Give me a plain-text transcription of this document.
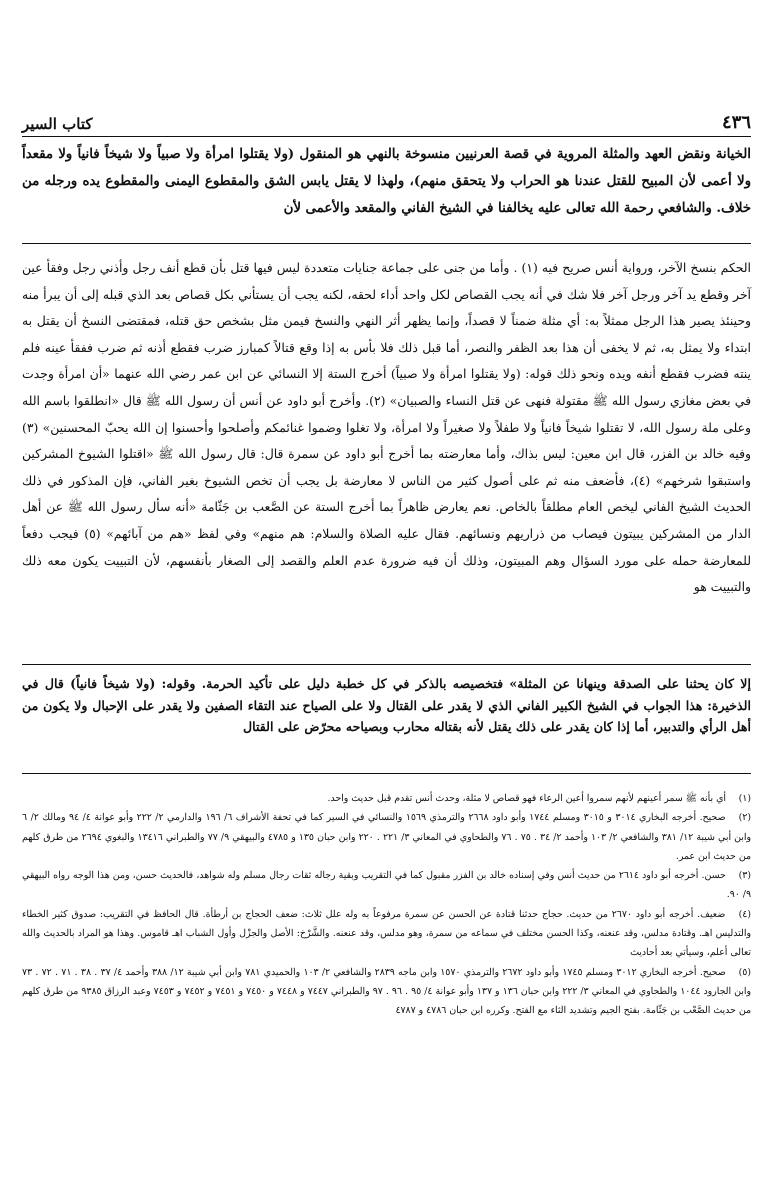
٤٣٦
كتاب السير

الخيانة ونقض العهد والمثلة المروية في قصة العرنيين منسوخة بالنهي هو المنقول (ولا يقتلوا امرأة ولا صبياً ولا شيخاً فانياً ولا مقعداً ولا أعمى لأن المبيح للقتل عندنا هو الحراب ولا يتحقق منهم)، ولهذا لا يقتل يابس الشق والمقطوع اليمنى والمقطوع يده ورجله من خلاف. والشافعي رحمة الله تعالى عليه يخالفنا في الشيخ الفاني والمقعد والأعمى لأن

الحكم بنسخ الآخر، ورواية أنس صريح فيه (١) . وأما من جنى على جماعة جنايات متعددة ليس فيها قتل بأن قطع أنف رجل وأذني رجل وفقأ عين آخر وقطع يد آخر ورجل آخر فلا شك في أنه يجب القصاص لكل واحد أداء لحقه، لكنه يجب أن يستأني بكل قصاص بعد الذي قبله إلى أن يبرأ منه وحينئذ يصير هذا الرجل ممثلاً به: أي مثلة ضمناً لا قصداً، وإنما يظهر أثر النهي والنسخ فيمن مثل بشخص حق قتله، فمقتضى النسخ أن يقتل به ابتداء ولا يمثل به، ثم لا يخفى أن هذا بعد الظفر والنصر، أما قبل ذلك فلا بأس به إذا وقع قتالاً كمبارز ضرب فقطع أذنه ثم ضرب ففقأ عينه فلم ينته فضرب فقطع أنفه ويده ونحو ذلك قوله: (ولا يقتلوا امرأة ولا صبياً) أخرج الستة إلا النسائي عن ابن عمر رضي الله عنهما «أن امرأة وجدت في بعض مغازي رسول الله ﷺ مقتولة فنهى عن قتل النساء والصبيان» (٢). وأخرج أبو داود عن أنس أن رسول الله ﷺ قال «انطلقوا باسم الله وعلى ملة رسول الله، لا تقتلوا شيخاً فانياً ولا طفلاً ولا صغيراً ولا امرأة، ولا تغلوا وضموا غنائمكم وأصلحوا وأحسنوا إن الله يحبّ المحسنين» (٣) وفيه خالد بن الفزر، قال ابن معين: ليس بذاك، وأما معارضته بما أخرج أبو داود عن سمرة قال: قال رسول الله ﷺ «اقتلوا الشيوخ المشركين واستبقوا شرخهم» (٤)، فأضعف منه ثم على أصول كثير من الناس لا معارضة بل يجب أن تخص الشيوخ بغير الفاني، فإن المذكور في ذلك الحديث الشيخ الفاني ليخص العام مطلقاً بالخاص. نعم يعارض ظاهراً بما أخرج الستة عن الصَّعب بن جَثّامة «أنه سأل رسول الله ﷺ عن أهل الدار من المشركين يبيتون فيصاب من ذراريهم ونسائهم. فقال عليه الصلاة والسلام: هم منهم» وفي لفظ «هم من آبائهم» (٥) فيجب دفعاً للمعارضة حمله على مورد السؤال وهم المبيتون، وذلك أن فيه ضرورة عدم العلم والقصد إلى الصغار بأنفسهم، لأن التبييت يكون معه ذلك والتبييت هو

إلا كان يحثنا على الصدقة وينهانا عن المثلة» فتخصيصه بالذكر في كل خطبة دليل على تأكيد الحرمة. وقوله: (ولا شيخاً فانياً) قال في الذخيرة: هذا الجواب في الشيخ الكبير الفاني الذي لا يقدر على القتال ولا على الصياح عند التقاء الصفين ولا يقدر على الإحبال ولا يكون من أهل الرأي والتدبير، أما إذا كان يقدر على ذلك يقتل لأنه بقتاله محارب وبصياحه محرّض على القتال

(١) أي بأنه ﷺ سمر أعينهم لأنهم سمروا أعين الرعاء فهو قصاص لا مثلة، وحدث أنس تقدم قبل حديث واحد.

(٢) صحيح. أخرجه البخاري ٣٠١٤ و ٣٠١٥ ومسلم ١٧٤٤ وأبو داود ٢٦٦٨ والترمذي ١٥٦٩ والنسائي في السير كما في تحفة الأشراف ٦/ ١٩٦ والدارمي ٢/ ٢٢٢ وأبو عوانة ٤/ ٩٤ ومالك ٢/ ٦ وابن أبي شيبة ١٢/ ٣٨١ والشافعي ٢/ ١٠٣ وأحمد ٢/ ٣٤ . ٧٥ . ٧٦ والطحاوي في المعاني ٣/ ٢٢١ . ٢٢٠ وابن حبان ١٣٥ و ٤٧٨٥ والبيهقي ٩/ ٧٧ والطبراني ١٣٤١٦ والبغوي ٢٦٩٤ من طرق كلهم من حديث ابن عمر.

(٣) حسن. أخرجه أبو داود ٢٦١٤ من حديث أنس وفي إسناده خالد بن الفزر مقبول كما في التقريب وبقية رجاله ثقات رجال مسلم وله شواهد، فالحديث حسن، ومن هذا الوجه رواه البيهقي ٩/ ٩٠.

(٤) ضعيف. أخرجه أبو داود ٢٦٧٠ من حديث. حجاج حدثنا قتادة عن الحسن عن سمرة مرفوعاً به وله علل ثلاث: ضعف الحجاج بن أرطأة. قال الحافظ في التقريب: صدوق كثير الخطاء والتدليس اهـ. وقتادة مدلس، وقد عنعنه، وكذا الحسن مختلف في سماعه من سمرة، وهو مدلس، وقد عنعنه. والشَّرْخ: الأصل والجزْل وأول الشباب اهـ قاموس. وهذا هو المراد بالحديث والله تعالى أعلم، وسيأتي بعد أحاديث

(٥) صحيح. أخرجه البخاري ٣٠١٢ ومسلم ١٧٤٥ وأبو داود ٢٦٧٢ والترمذي ١٥٧٠ وابن ماجه ٢٨٣٩ والشافعي ٢/ ١٠٣ والحميدي ٧٨١ وابن أبي شيبة ١٢/ ٣٨٨ وأحمد ٤/ ٣٧ . ٣٨ . ٧١ . ٧٢ . ٧٣ وابن الجارود ١٠٤٤ والطحاوي في المعاني ٣/ ٢٢٢ وابن حبان ١٣٦ و ١٣٧ وأبو عوانة ٤/ ٩٥ . ٩٦ . ٩٧ والطبراني ٧٤٤٧ و ٧٤٤٨ و ٧٤٥٠ و ٧٤٥١ و ٧٤٥٢ و ٧٤٥٣ وعبد الرزاق ٩٣٨٥ من طرق كلهم من حديث الصَّعْب بن جَثّامة. بفتح الجيم وتشديد الثاء مع الفتح. وكرره ابن حبان ٤٧٨٦ و ٤٧٨٧
